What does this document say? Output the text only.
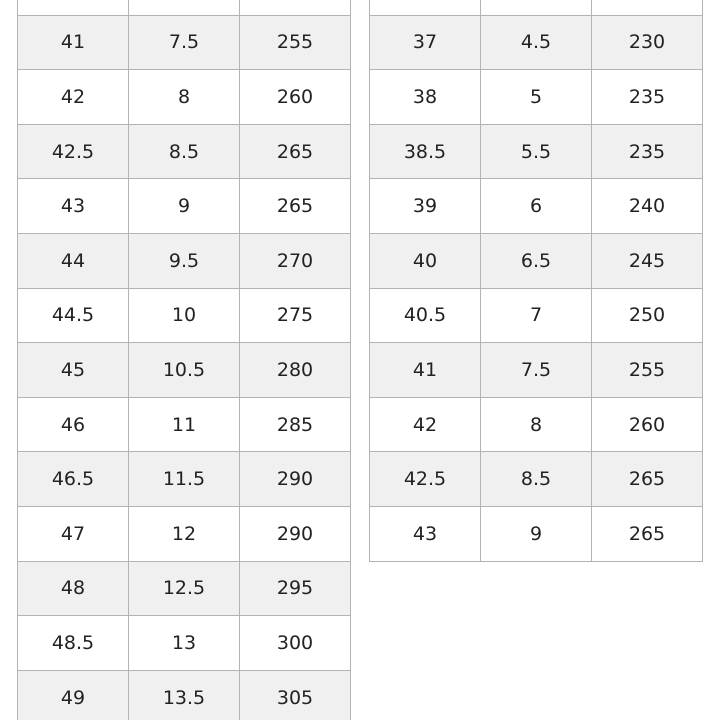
41	7.5	255
42	8	260
42.5	8.5	265
43	9	265
44	9.5	270
44.5	10	275
45	10.5	280
46	11	285
46.5	11.5	290
47	12	290
48	12.5	295
48.5	13	300
49	13.5	305

37	4.5	230
38	5	235
38.5	5.5	235
39	6	240
40	6.5	245
40.5	7	250
41	7.5	255
42	8	260
42.5	8.5	265
43	9	265
